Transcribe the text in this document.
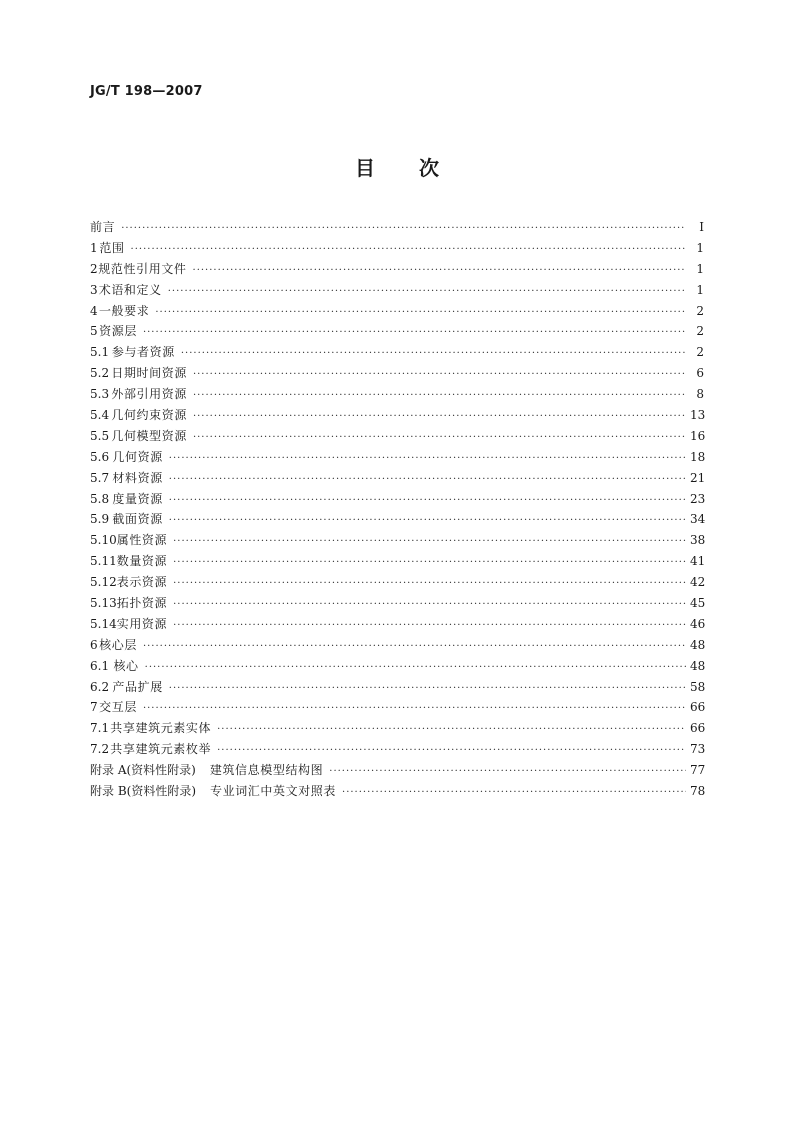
JG/T 198—2007
目 次
前言 ·····	Ⅰ
1 范围 ·····	1
2 规范性引用文件 ·····	1
3 术语和定义 ·····	1
4 一般要求 ·····	2
5 资源层 ·····	2
5.1 参与者资源 ·····	2
5.2 日期时间资源 ·····	6
5.3 外部引用资源 ·····	8
5.4 几何约束资源 ·····	13
5.5 几何模型资源 ·····	16
5.6 几何资源 ·····	18
5.7 材料资源 ·····	21
5.8 度量资源 ·····	23
5.9 截面资源 ·····	34
5.10 属性资源 ·····	38
5.11 数量资源 ·····	41
5.12 表示资源 ·····	42
5.13 拓扑资源 ·····	45
5.14 实用资源 ·····	46
6 核心层 ·····	48
6.1 核心 ·····	48
6.2 产品扩展 ·····	58
7 交互层 ·····	66
7.1 共享建筑元素实体 ·····	66
7.2 共享建筑元素枚举 ·····	73
附录 A(资料性附录) 建筑信息模型结构图 ·····	77
附录 B(资料性附录) 专业词汇中英文对照表 ·····	78
